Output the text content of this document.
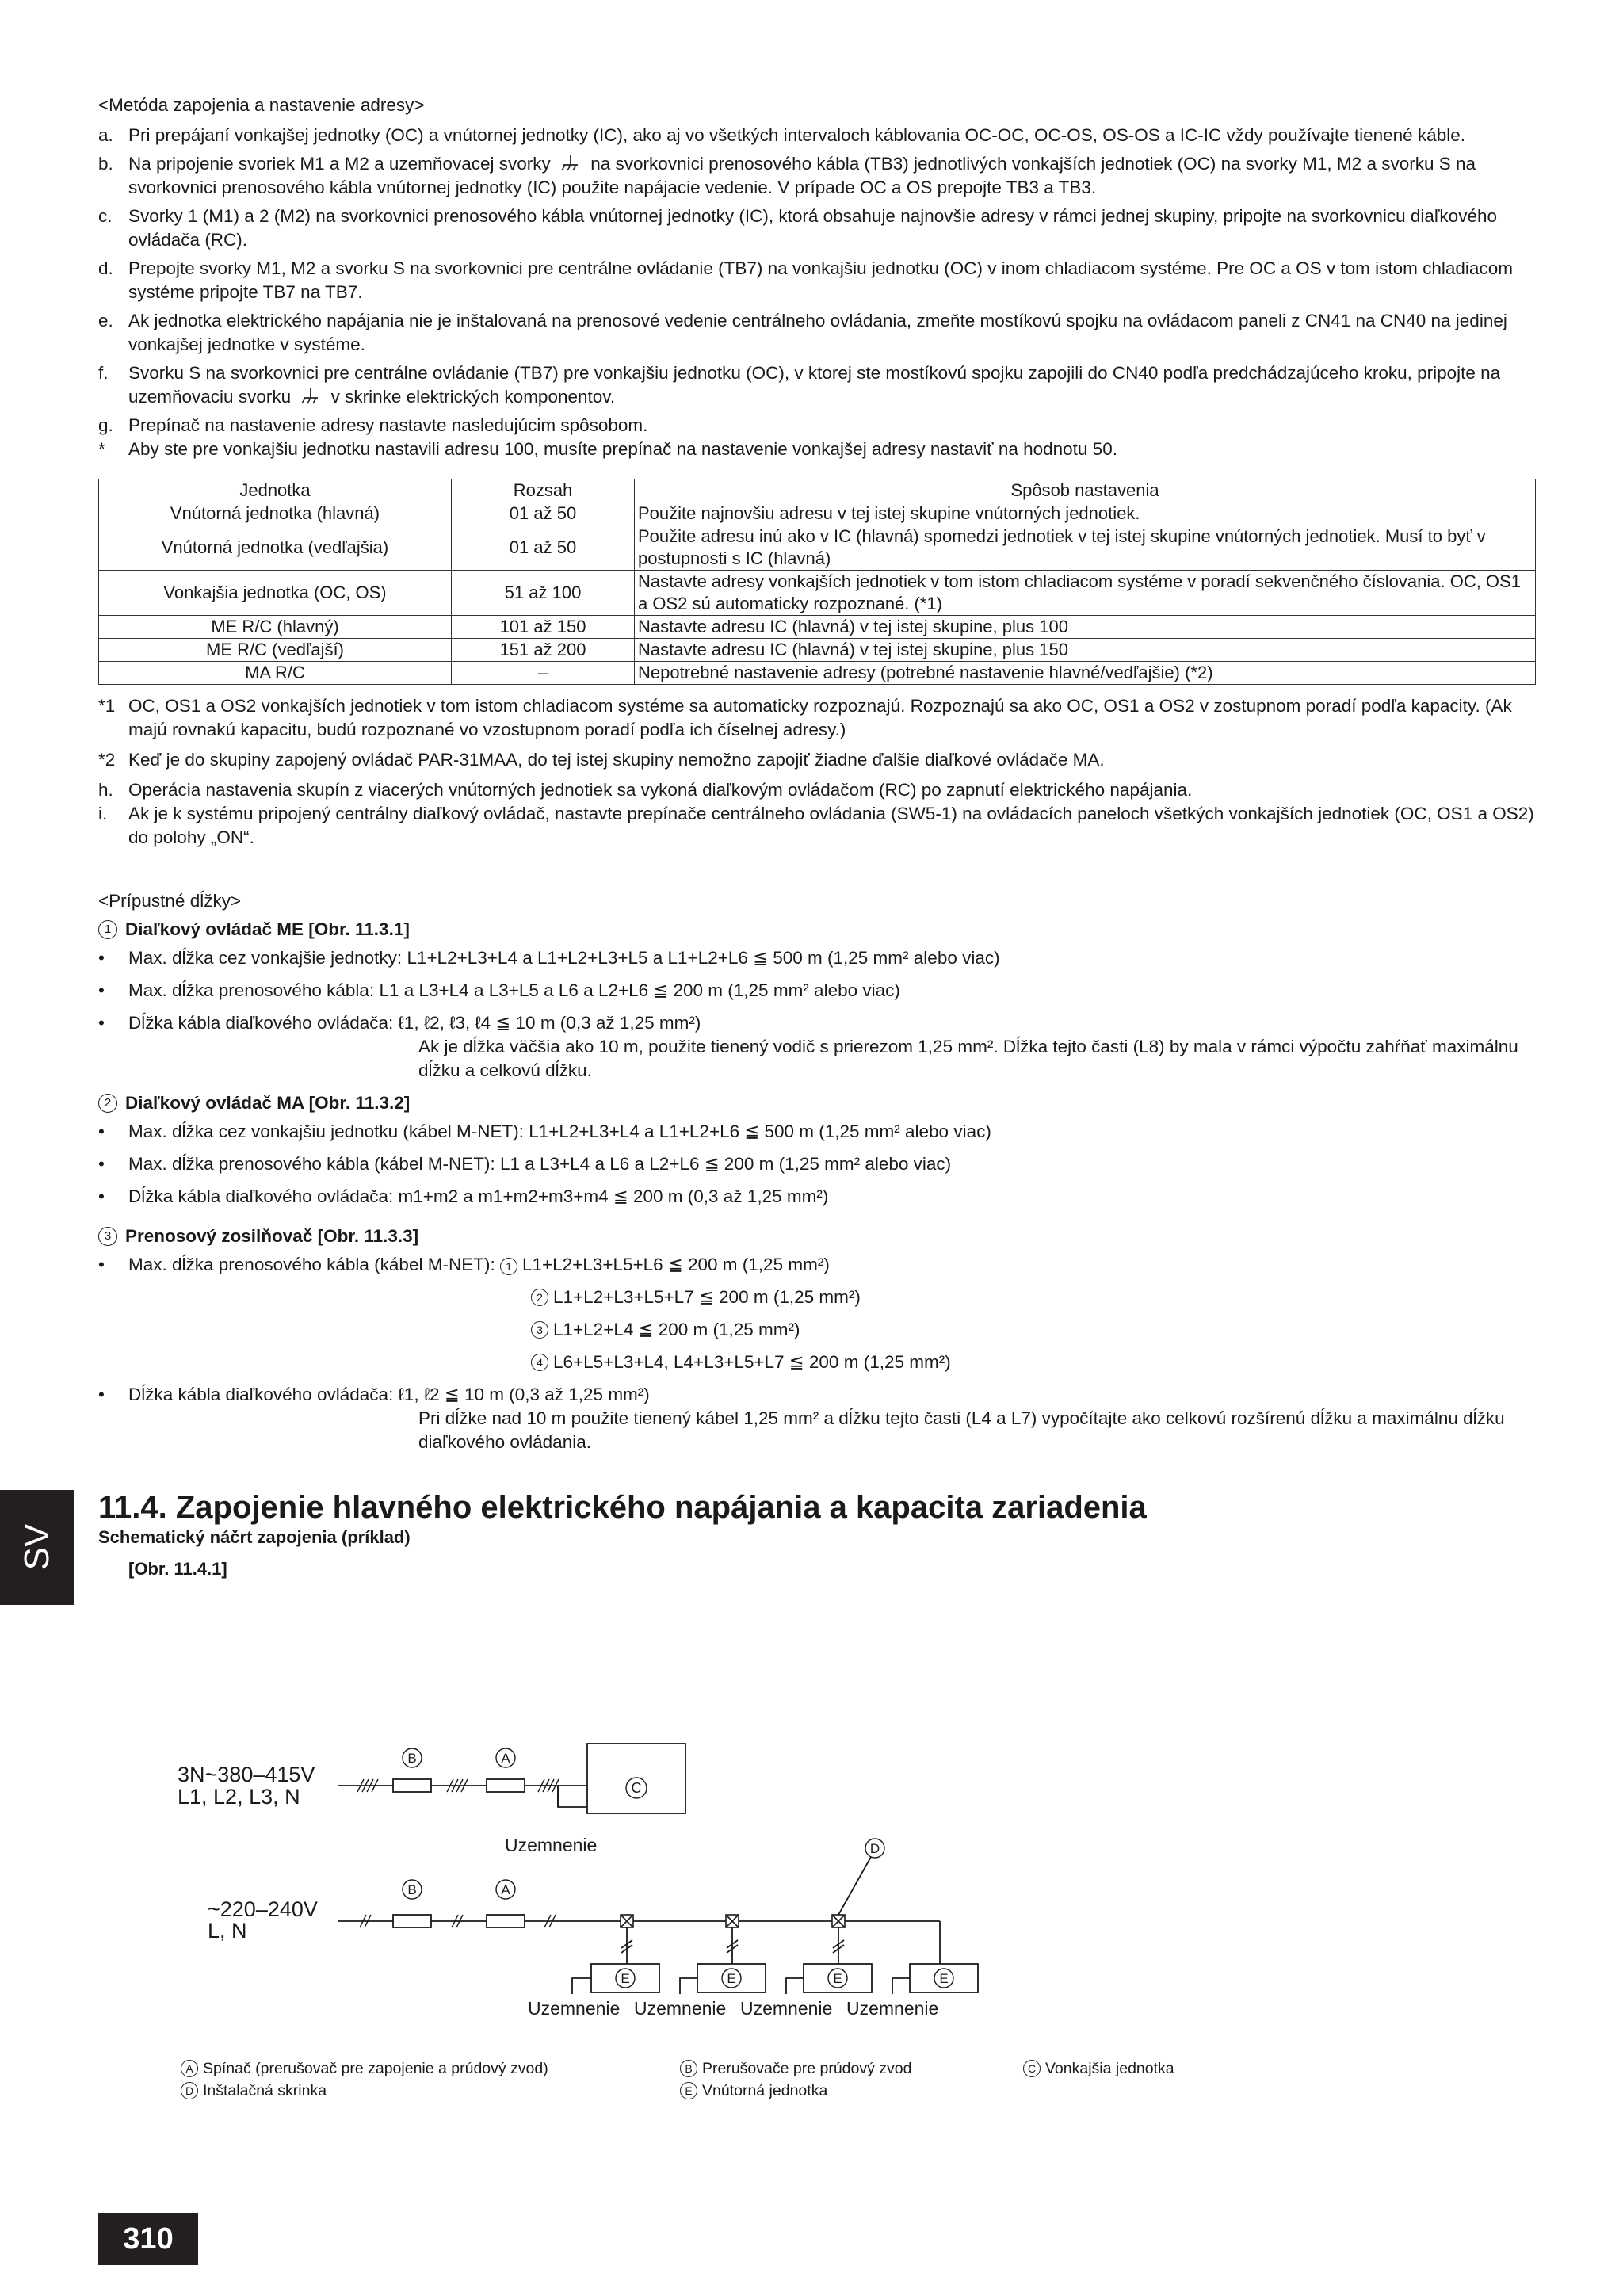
<Metóda zapojenia a nastavenie adresy>
a. Pri prepájaní vonkajšej jednotky (OC) a vnútornej jednotky (IC), ako aj vo všetkých intervaloch káblovania OC-OC, OC-OS, OS-OS a IC-IC vždy používajte tienené káble.
b. Na pripojenie svoriek M1 a M2 a uzemňovacej svorky na svorkovnici prenosového kábla (TB3) jednotlivých vonkajších jednotiek (OC) na svorky M1, M2 a svorku S na svorkovnici prenosového kábla vnútornej jednotky (IC) použite napájacie vedenie. V prípade OC a OS prepojte TB3 a TB3.
c. Svorky 1 (M1) a 2 (M2) na svorkovnici prenosového kábla vnútornej jednotky (IC), ktorá obsahuje najnovšie adresy v rámci jednej skupiny, pripojte na svorkovnicu diaľkového ovládača (RC).
d. Prepojte svorky M1, M2 a svorku S na svorkovnici pre centrálne ovládanie (TB7) na vonkajšiu jednotku (OC) v inom chladiacom systéme. Pre OC a OS v tom istom chladiacom systéme pripojte TB7 na TB7.
e. Ak jednotka elektrického napájania nie je inštalovaná na prenosové vedenie centrálneho ovládania, zmeňte mostíkovú spojku na ovládacom paneli z CN41 na CN40 na jedinej vonkajšej jednotke v systéme.
f.	Svorku S na svorkovnici pre centrálne ovládanie (TB7) pre vonkajšiu jednotku (OC), v ktorej ste mostíkovú spojku zapojili do CN40 podľa predchádzajúceho kroku, pripojte na uzemňovaciu svorku v skrinke elektrických komponentov.
g. Prepínač na nastavenie adresy nastavte nasledujúcim spôsobom.
*	Aby ste pre vonkajšiu jednotku nastavili adresu 100, musíte prepínač na nastavenie vonkajšej adresy nastaviť na hodnotu 50.
Jednotka	Rozsah	Spôsob nastavenia
Vnútorná jednotka (hlavná)	01 až 50	Použite najnovšiu adresu v tej istej skupine vnútorných jednotiek.
Vnútorná jednotka (vedľajšia)	01 až 50	Použite adresu inú ako v IC (hlavná) spomedzi jednotiek v tej istej skupine vnútorných jednotiek. Musí to byť v postupnosti s IC (hlavná)
Vonkajšia jednotka (OC, OS)	51 až 100	Nastavte adresy vonkajších jednotiek v tom istom chladiacom systéme v poradí sekvenčného číslovania. OC, OS1 a OS2 sú automaticky rozpoznané. (*1)
ME R/C (hlavný)	101 až 150	Nastavte adresu IC (hlavná) v tej istej skupine, plus 100
ME R/C (vedľajší)	151 až 200	Nastavte adresu IC (hlavná) v tej istej skupine, plus 150
MA R/C	–	Nepotrebné nastavenie adresy (potrebné nastavenie hlavné/vedľajšie) (*2)
*1 OC, OS1 a OS2 vonkajších jednotiek v tom istom chladiacom systéme sa automaticky rozpoznajú. Rozpoznajú sa ako OC, OS1 a OS2 v zostupnom poradí podľa kapacity. (Ak majú rovnakú kapacitu, budú rozpoznané vo vzostupnom poradí podľa ich číselnej adresy.)
*2 Keď je do skupiny zapojený ovládač PAR-31MAA, do tej istej skupiny nemožno zapojiť žiadne ďalšie diaľkové ovládače MA.
h. Operácia nastavenia skupín z viacerých vnútorných jednotiek sa vykoná diaľkovým ovládačom (RC) po zapnutí elektrického napájania.
i.	Ak je k systému pripojený centrálny diaľkový ovládač, nastavte prepínače centrálneho ovládania (SW5-1) na ovládacích paneloch všetkých vonkajších jednotiek (OC, OS1 a OS2) do polohy „ON“.
<Prípustné dĺžky>
1 Diaľkový ovládač ME [Obr. 11.3.1]
•	Max. dĺžka cez vonkajšie jednotky: L1+L2+L3+L4 a L1+L2+L3+L5 a L1+L2+L6 ≦ 500 m (1,25 mm² alebo viac)
•	Max. dĺžka prenosového kábla: L1 a L3+L4 a L3+L5 a L6 a L2+L6 ≦ 200 m (1,25 mm² alebo viac)
•	Dĺžka kábla diaľkového ovládača: ℓ1, ℓ2, ℓ3, ℓ4 ≦ 10 m (0,3 až 1,25 mm²)
Ak je dĺžka väčšia ako 10 m, použite tienený vodič s prierezom 1,25 mm². Dĺžka tejto časti (L8) by mala v rámci výpočtu zahŕňať maximálnu dĺžku a celkovú dĺžku.
2 Diaľkový ovládač MA [Obr. 11.3.2]
•	Max. dĺžka cez vonkajšiu jednotku (kábel M-NET): L1+L2+L3+L4 a L1+L2+L6 ≦ 500 m (1,25 mm² alebo viac)
•	Max. dĺžka prenosového kábla (kábel M-NET): L1 a L3+L4 a L6 a L2+L6 ≦ 200 m (1,25 mm² alebo viac)
•	Dĺžka kábla diaľkového ovládača: m1+m2 a m1+m2+m3+m4 ≦ 200 m (0,3 až 1,25 mm²)
3 Prenosový zosilňovač [Obr. 11.3.3]
•	Max. dĺžka prenosového kábla (kábel M-NET): 1 L1+L2+L3+L5+L6 ≦ 200 m (1,25 mm²)
2 L1+L2+L3+L5+L7 ≦ 200 m (1,25 mm²)
3 L1+L2+L4 ≦ 200 m (1,25 mm²)
4 L6+L5+L3+L4, L4+L3+L5+L7 ≦ 200 m (1,25 mm²)
•	Dĺžka kábla diaľkového ovládača: ℓ1, ℓ2 ≦ 10 m (0,3 až 1,25 mm²)
Pri dĺžke nad 10 m použite tienený kábel 1,25 mm² a dĺžku tejto časti (L4 a L7) vypočítajte ako celkovú rozšírenú dĺžku a maximálnu dĺžku diaľkového ovládania.
11.4. Zapojenie hlavného elektrického napájania a kapacita zariadenia
Schematický náčrt zapojenia (príklad)
[Obr. 11.4.1]
3N~380–415V
L1, L2, L3, N
Uzemnenie
B	A
C
~220–240V
L, N
B	A
E	E	E	E
D
Uzemnenie Uzemnenie Uzemnenie Uzemnenie
A Spínač (prerušovač pre zapojenie a prúdový zvod)	B Prerušovače pre prúdový zvod	C Vonkajšia jednotka
D Inštalačná skrinka	E Vnútorná jednotka
SV
310
